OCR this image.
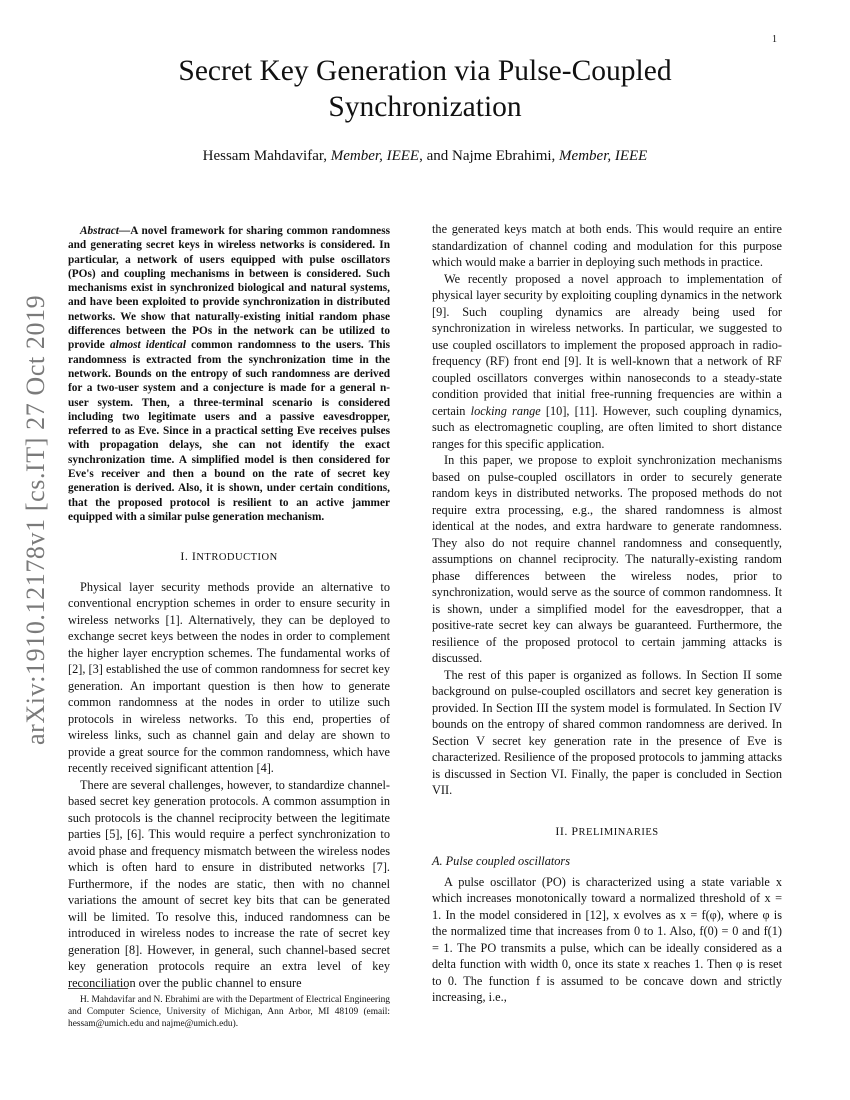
1
arXiv:1910.12178v1 [cs.IT] 27 Oct 2019
Secret Key Generation via Pulse-Coupled Synchronization
Hessam Mahdavifar, Member, IEEE, and Najme Ebrahimi, Member, IEEE

Abstract—A novel framework for sharing common randomness and generating secret keys in wireless networks is considered. In particular, a network of users equipped with pulse oscillators (POs) and coupling mechanisms in between is considered. Such mechanisms exist in synchronized biological and natural systems, and have been exploited to provide synchronization in distributed networks. We show that naturally-existing initial random phase differences between the POs in the network can be utilized to provide almost identical common randomness to the users. This randomness is extracted from the synchronization time in the network. Bounds on the entropy of such randomness are derived for a two-user system and a conjecture is made for a general n-user system. Then, a three-terminal scenario is considered including two legitimate users and a passive eavesdropper, referred to as Eve. Since in a practical setting Eve receives pulses with propagation delays, she can not identify the exact synchronization time. A simplified model is then considered for Eve's receiver and then a bound on the rate of secret key generation is derived. Also, it is shown, under certain conditions, that the proposed protocol is resilient to an active jammer equipped with a similar pulse generation mechanism.

I. INTRODUCTION

Physical layer security methods provide an alternative to conventional encryption schemes in order to ensure security in wireless networks [1]. Alternatively, they can be deployed to exchange secret keys between the nodes in order to complement the higher layer encryption schemes. The fundamental works of [2], [3] established the use of common randomness for secret key generation. An important question is then how to generate common randomness at the nodes in order to utilize such protocols in wireless networks. To this end, properties of wireless links, such as channel gain and delay are shown to provide a great source for the common randomness, which have recently received significant attention [4].

There are several challenges, however, to standardize channel-based secret key generation protocols. A common assumption in such protocols is the channel reciprocity between the legitimate parties [5], [6]. This would require a perfect synchronization to avoid phase and frequency mismatch between the wireless nodes which is often hard to ensure in distributed networks [7]. Furthermore, if the nodes are static, then with no channel variations the amount of secret key bits that can be generated will be limited. To resolve this, induced randomness can be introduced in wireless nodes to increase the rate of secret key generation [8]. However, in general, such channel-based secret key generation protocols require an extra level of key reconciliation over the public channel to ensure

the generated keys match at both ends. This would require an entire standardization of channel coding and modulation for this purpose which would make a barrier in deploying such methods in practice.

We recently proposed a novel approach to implementation of physical layer security by exploiting coupling dynamics in the network [9]. Such coupling dynamics are already being used for synchronization in wireless networks. In particular, we suggested to use coupled oscillators to implement the proposed approach in radio-frequency (RF) front end [9]. It is well-known that a network of RF coupled oscillators converges within nanoseconds to a steady-state condition provided that initial free-running frequencies are within a certain locking range [10], [11]. However, such coupling dynamics, such as electromagnetic coupling, are often limited to short distance ranges for this specific application.

In this paper, we propose to exploit synchronization mechanisms based on pulse-coupled oscillators in order to securely generate random keys in distributed networks. The proposed methods do not require extra processing, e.g., the shared randomness is almost identical at the nodes, and extra hardware to generate randomness. They also do not require channel randomness and consequently, assumptions on channel reciprocity. The naturally-existing random phase differences between the wireless nodes, prior to synchronization, would serve as the source of common randomness. It is shown, under a simplified model for the eavesdropper, that a positive-rate secret key can always be guaranteed. Furthermore, the resilience of the proposed protocol to certain jamming attacks is discussed.

The rest of this paper is organized as follows. In Section II some background on pulse-coupled oscillators and secret key generation is provided. In Section III the system model is formulated. In Section IV bounds on the entropy of shared common randomness are derived. In Section V secret key generation rate in the presence of Eve is characterized. Resilience of the proposed protocols to jamming attacks is discussed in Section VI. Finally, the paper is concluded in Section VII.

II. PRELIMINARIES
A. Pulse coupled oscillators

A pulse oscillator (PO) is characterized using a state variable x which increases monotonically toward a normalized threshold of x = 1. In the model considered in [12], x evolves as x = f(φ), where φ is the normalized time that increases from 0 to 1. Also, f(0) = 0 and f(1) = 1. The PO transmits a pulse, which can be ideally considered as a delta function with width 0, once its state x reaches 1. Then φ is reset to 0. The function f is assumed to be concave down and strictly increasing, i.e.,

H. Mahdavifar and N. Ebrahimi are with the Department of Electrical Engineering and Computer Science, University of Michigan, Ann Arbor, MI 48109 (email: hessam@umich.edu and najme@umich.edu).
